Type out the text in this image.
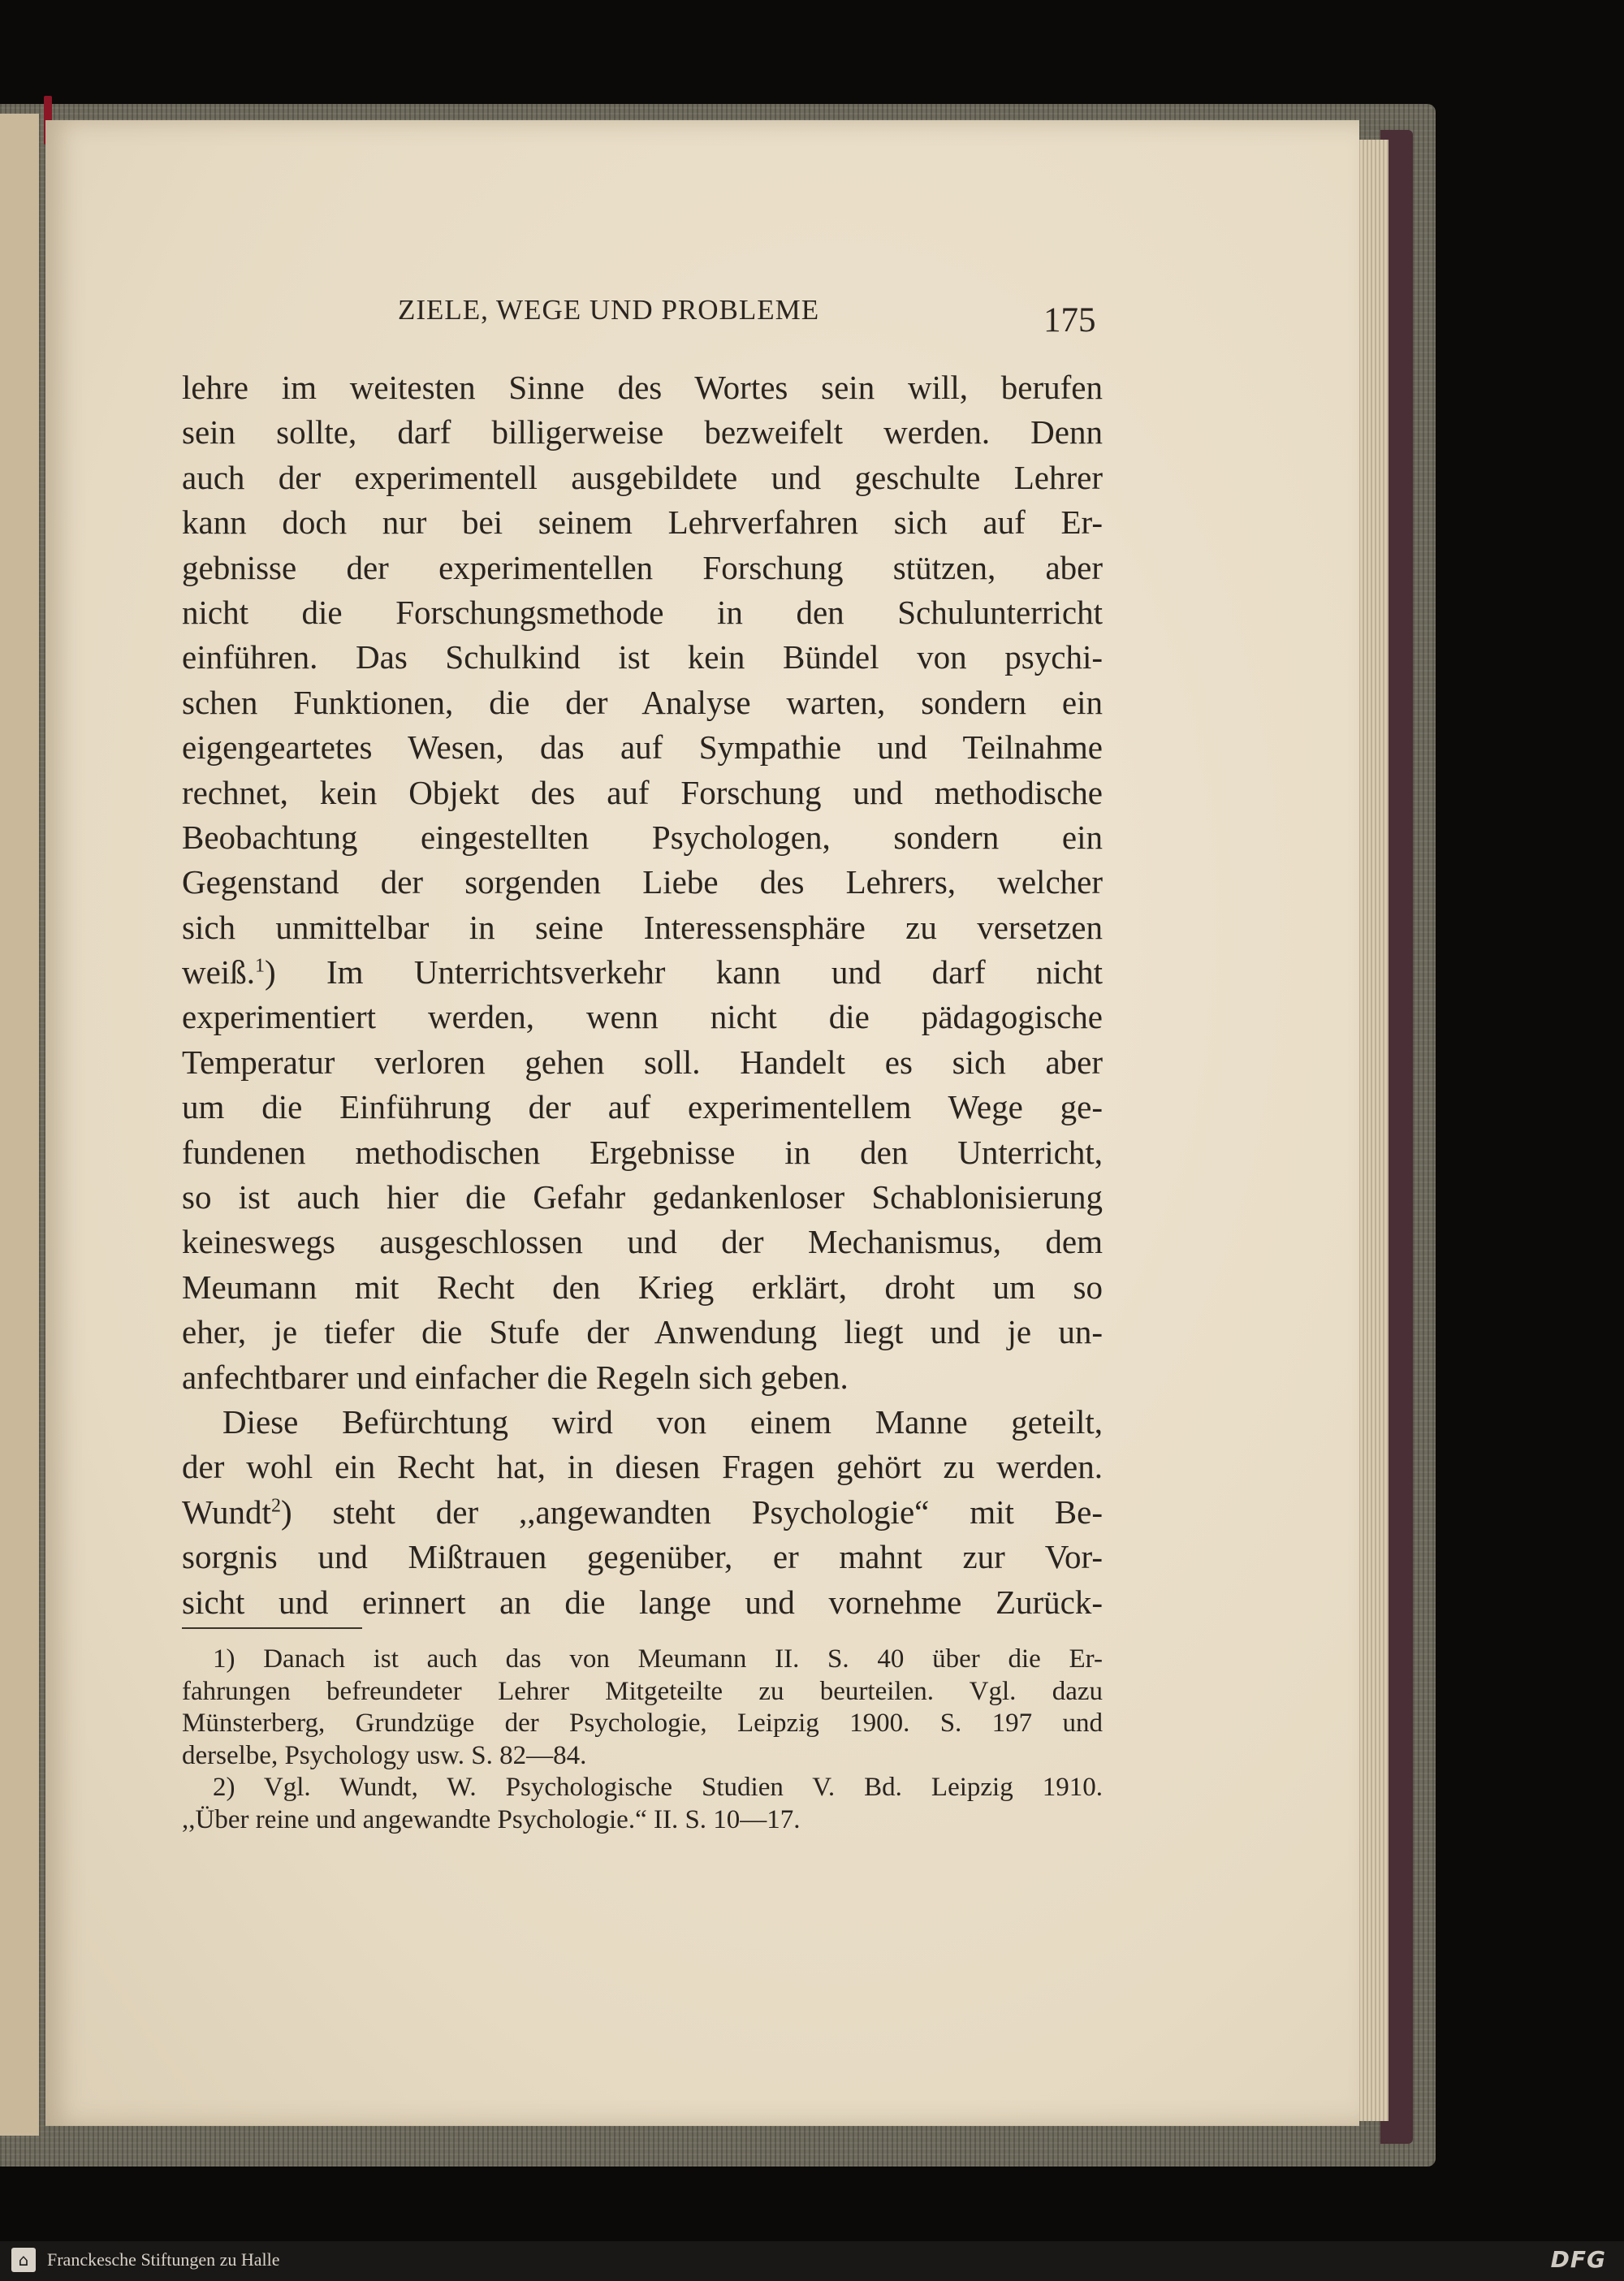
ZIELE, WEGE UND PROBLEME	175
lehre im weitesten Sinne des Wortes sein will, berufen
sein sollte, darf billigerweise bezweifelt werden. Denn
auch der experimentell ausgebildete und geschulte Lehrer
kann doch nur bei seinem Lehrverfahren sich auf Er-
gebnisse der experimentellen Forschung stützen, aber
nicht die Forschungsmethode in den Schulunterricht
einführen. Das Schulkind ist kein Bündel von psychi-
schen Funktionen, die der Analyse warten, sondern ein
eigengeartetes Wesen, das auf Sympathie und Teilnahme
rechnet, kein Objekt des auf Forschung und methodische
Beobachtung eingestellten Psychologen, sondern ein
Gegenstand der sorgenden Liebe des Lehrers, welcher
sich unmittelbar in seine Interessensphäre zu versetzen
weiß.$^1$) Im Unterrichtsverkehr kann und darf nicht
experimentiert werden, wenn nicht die pädagogische
Temperatur verloren gehen soll. Handelt es sich aber
um die Einführung der auf experimentellem Wege ge-
fundenen methodischen Ergebnisse in den Unterricht,
so ist auch hier die Gefahr gedankenloser Schablonisierung
keineswegs ausgeschlossen und der Mechanismus, dem
Meumann mit Recht den Krieg erklärt, droht um so
eher, je tiefer die Stufe der Anwendung liegt und je un-
anfechtbarer und einfacher die Regeln sich geben.
Diese Befürchtung wird von einem Manne geteilt,
der wohl ein Recht hat, in diesen Fragen gehört zu werden.
Wundt$^2$) steht der ,,angewandten Psychologie“ mit Be-
sorgnis und Mißtrauen gegenüber, er mahnt zur Vor-
sicht und erinnert an die lange und vornehme Zurück-
1) Danach ist auch das von Meumann II. S. 40 über die Er-
fahrungen befreundeter Lehrer Mitgeteilte zu beurteilen. Vgl. dazu
Münsterberg, Grundzüge der Psychologie, Leipzig 1900. S. 197 und
derselbe, Psychology usw. S. 82—84.
2) Vgl. Wundt, W. Psychologische Studien V. Bd. Leipzig 1910.
,,Über reine und angewandte Psychologie.“ II. S. 10—17.
⌂	Franckesche Stiftungen zu Halle	DFG
